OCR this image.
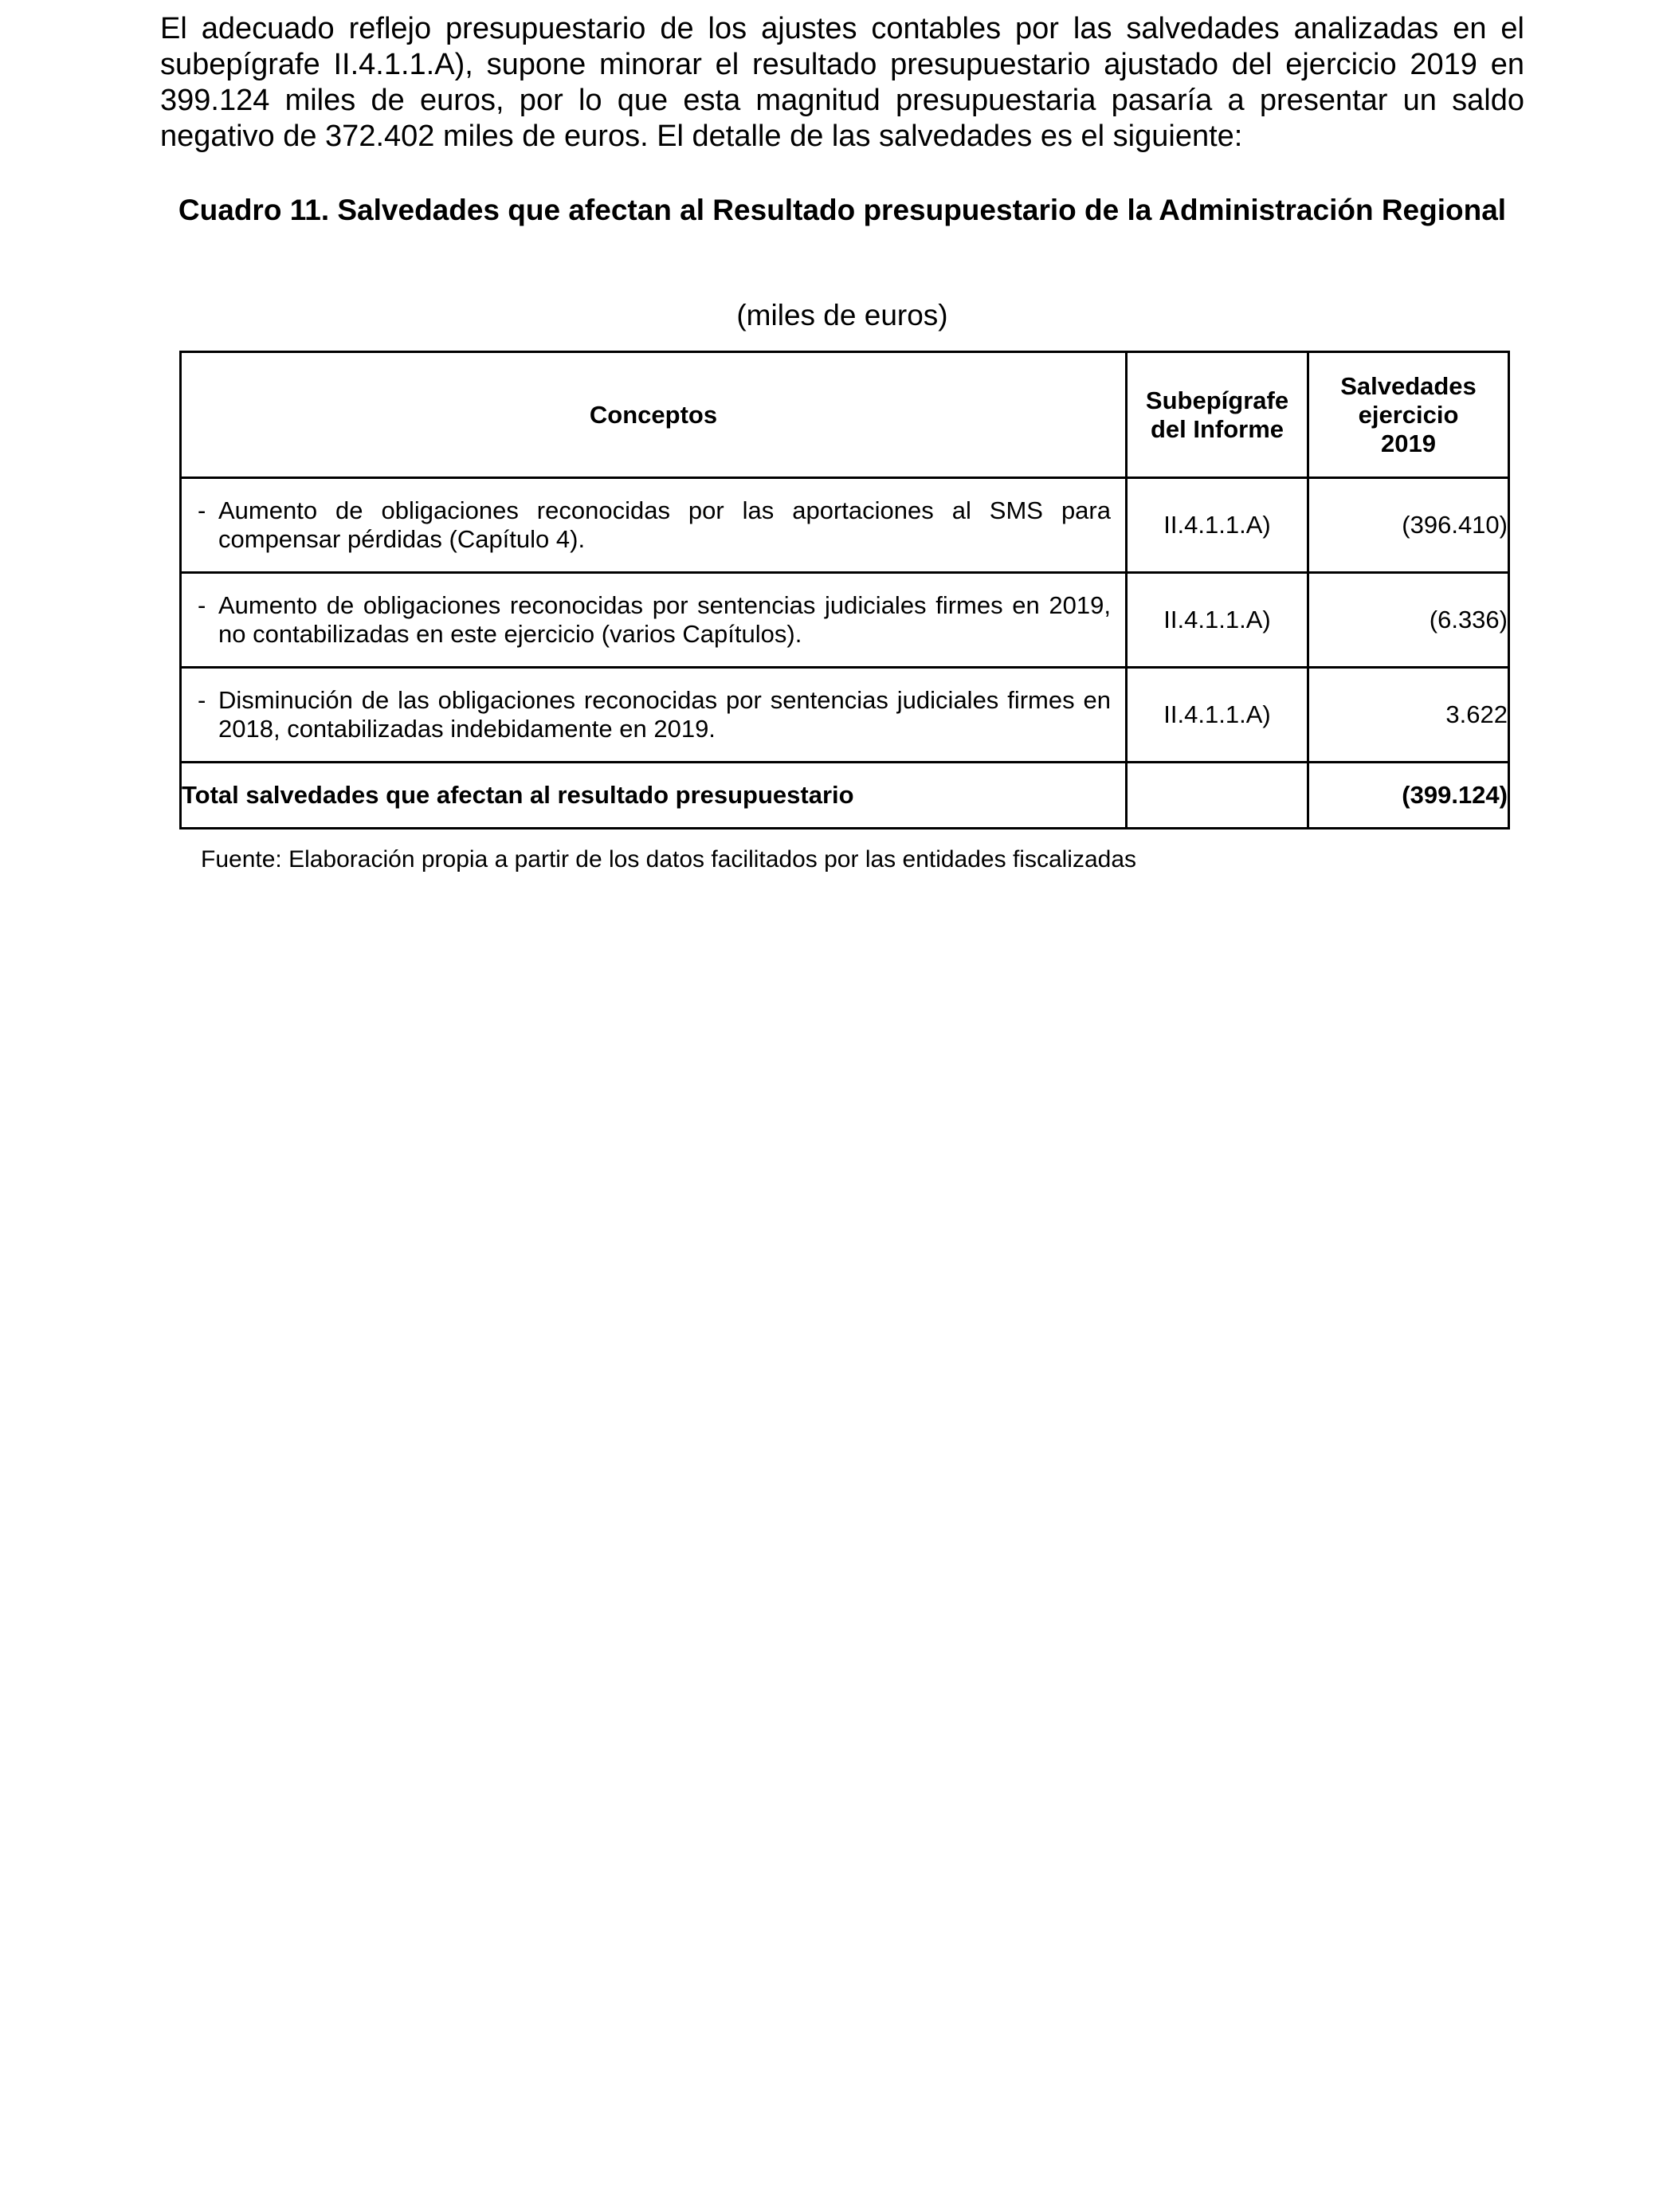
El adecuado reflejo presupuestario de los ajustes contables por las salvedades analizadas en el subepígrafe II.4.1.1.A), supone minorar el resultado presupuestario ajustado del ejercicio 2019 en 399.124 miles de euros, por lo que esta magnitud presupuestaria pasaría a presentar un saldo negativo de 372.402 miles de euros. El detalle de las salvedades es el siguiente:

Cuadro 11. Salvedades que afectan al Resultado presupuestario de la Administración Regional

(miles de euros)

Conceptos	Subepígrafe del Informe	Salvedades ejercicio 2019

- Aumento de obligaciones reconocidas por las aportaciones al SMS para compensar pérdidas (Capítulo 4).	II.4.1.1.A)	(396.410)

- Aumento de obligaciones reconocidas por sentencias judiciales firmes en 2019, no contabilizadas en este ejercicio (varios Capítulos).	II.4.1.1.A)	(6.336)

- Disminución de las obligaciones reconocidas por sentencias judiciales firmes en 2018, contabilizadas indebidamente en 2019.	II.4.1.1.A)	3.622
Total salvedades que afectan al resultado presupuestario		(399.124)

Fuente: Elaboración propia a partir de los datos facilitados por las entidades fiscalizadas
